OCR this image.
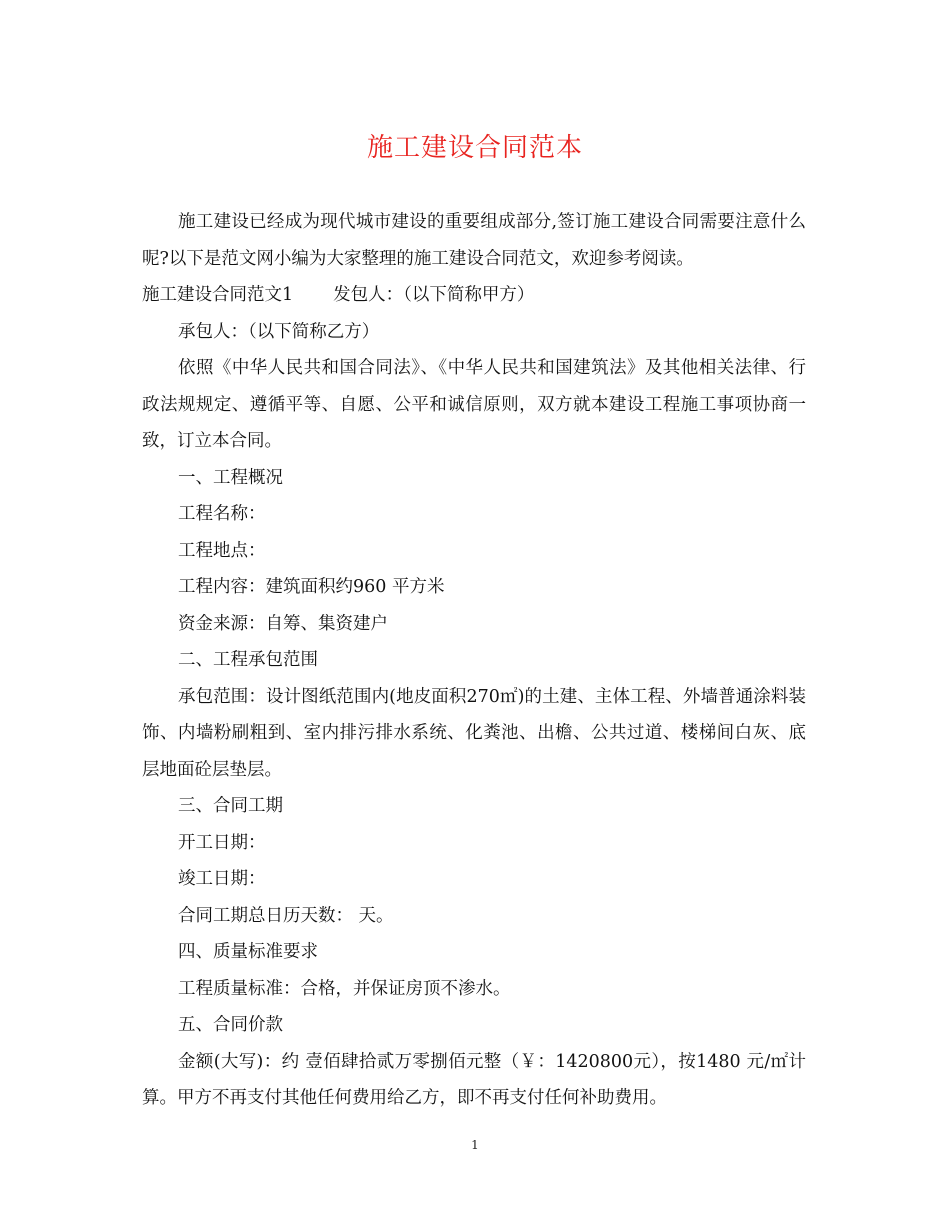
施工建设合同范本

施工建设已经成为现代城市建设的重要组成部分,签订施工建设合同需要注意什么呢?以下是范文网小编为大家整理的施工建设合同范文，欢迎参考阅读。

施工建设合同范文1 发包人：（以下简称甲方）

承包人：（以下简称乙方）

依照《中华人民共和国合同法》、《中华人民共和国建筑法》及其他相关法律、行政法规规定、遵循平等、自愿、公平和诚信原则，双方就本建设工程施工事项协商一致，订立本合同。

一、工程概况

工程名称：

工程地点：

工程内容：建筑面积约960 平方米

资金来源：自筹、集资建户

二、工程承包范围

承包范围：设计图纸范围内(地皮面积270㎡)的土建、主体工程、外墙普通涂料装饰、内墙粉刷粗到、室内排污排水系统、化粪池、出檐、公共过道、楼梯间白灰、底层地面砼层垫层。

三、合同工期

开工日期：

竣工日期：

合同工期总日历天数： 天。

四、质量标准要求

工程质量标准：合格，并保证房顶不渗水。

五、合同价款

金额(大写)：约 壹佰肆拾贰万零捌佰元整（￥：1420800元），按1480 元/㎡计算。甲方不再支付其他任何费用给乙方，即不再支付任何补助费用。

1
